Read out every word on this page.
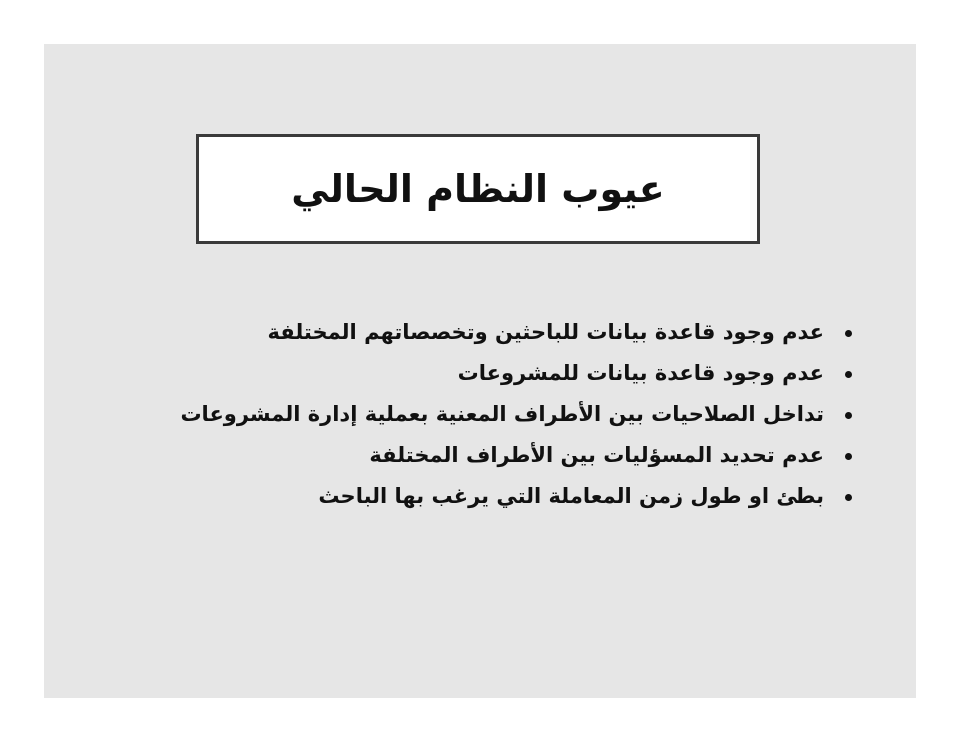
عيوب النظام الحالي
عدم وجود قاعدة بيانات للباحثين وتخصصاتهم المختلفة
عدم وجود قاعدة بيانات للمشروعات
تداخل الصلاحيات بين الأطراف المعنية بعملية إدارة المشروعات
عدم تحديد المسؤليات بين الأطراف المختلفة
بطئ او طول زمن المعاملة التي يرغب بها الباحث
